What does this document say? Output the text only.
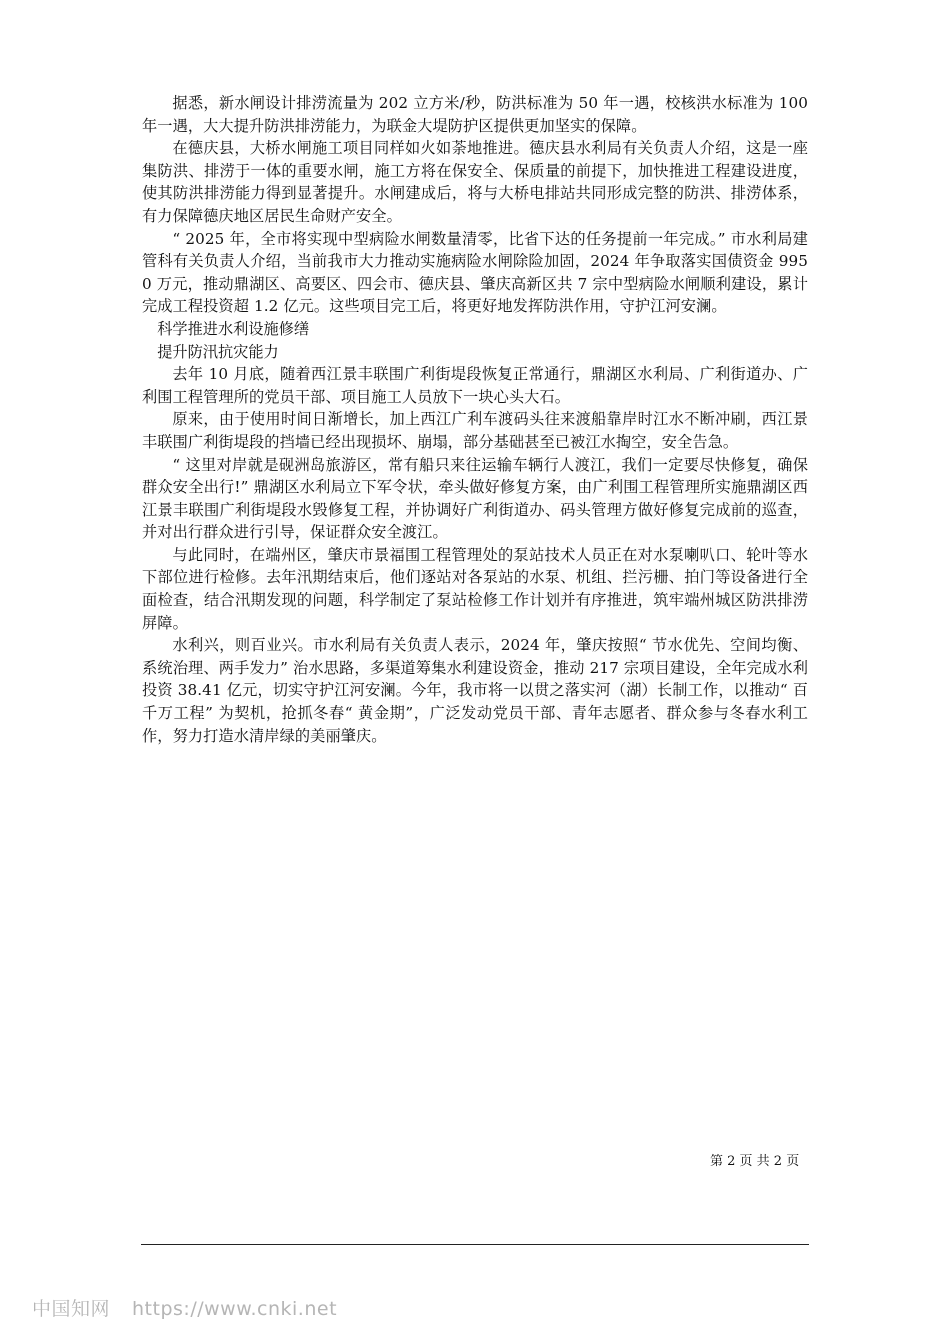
据悉，新水闸设计排涝流量为 202 立方米/秒，防洪标准为 50 年一遇，校核洪水标准为 100 年一遇，大大提升防洪排涝能力，为联金大堤防护区提供更加坚实的保障。

在德庆县，大桥水闸施工项目同样如火如荼地推进。德庆县水利局有关负责人介绍，这是一座集防洪、排涝于一体的重要水闸，施工方将在保安全、保质量的前提下，加快推进工程建设进度，使其防洪排涝能力得到显著提升。水闸建成后，将与大桥电排站共同形成完整的防洪、排涝体系，有力保障德庆地区居民生命财产安全。

“ 2025 年，全市将实现中型病险水闸数量清零，比省下达的任务提前一年完成。” 市水利局建管科有关负责人介绍，当前我市大力推动实施病险水闸除险加固，2024 年争取落实国债资金 9950 万元，推动鼎湖区、高要区、四会市、德庆县、肇庆高新区共 7 宗中型病险水闸顺利建设，累计完成工程投资超 1.2 亿元。这些项目完工后，将更好地发挥防洪作用，守护江河安澜。

科学推进水利设施修缮

提升防汛抗灾能力

去年 10 月底，随着西江景丰联围广利街堤段恢复正常通行，鼎湖区水利局、广利街道办、广利围工程管理所的党员干部、项目施工人员放下一块心头大石。

原来，由于使用时间日渐增长，加上西江广利车渡码头往来渡船靠岸时江水不断冲刷，西江景丰联围广利街堤段的挡墙已经出现损坏、崩塌，部分基础甚至已被江水掏空，安全告急。

“ 这里对岸就是砚洲岛旅游区，常有船只来往运输车辆行人渡江，我们一定要尽快修复，确保群众安全出行!” 鼎湖区水利局立下军令状，牵头做好修复方案，由广利围工程管理所实施鼎湖区西江景丰联围广利街堤段水毁修复工程，并协调好广利街道办、码头管理方做好修复完成前的巡查，并对出行群众进行引导，保证群众安全渡江。

与此同时，在端州区，肇庆市景福围工程管理处的泵站技术人员正在对水泵喇叭口、轮叶等水下部位进行检修。去年汛期结束后，他们逐站对各泵站的水泵、机组、拦污栅、拍门等设备进行全面检查，结合汛期发现的问题，科学制定了泵站检修工作计划并有序推进，筑牢端州城区防洪排涝屏障。

水利兴，则百业兴。市水利局有关负责人表示，2024 年，肇庆按照“ 节水优先、空间均衡、系统治理、两手发力” 治水思路，多渠道筹集水利建设资金，推动 217 宗项目建设，全年完成水利投资 38.41 亿元，切实守护江河安澜。今年，我市将一以贯之落实河（湖）长制工作，以推动“ 百千万工程” 为契机，抢抓冬春“ 黄金期”，广泛发动党员干部、青年志愿者、群众参与冬春水利工作，努力打造水清岸绿的美丽肇庆。

第 2 页 共 2 页
中国知网 https://www.cnki.net
